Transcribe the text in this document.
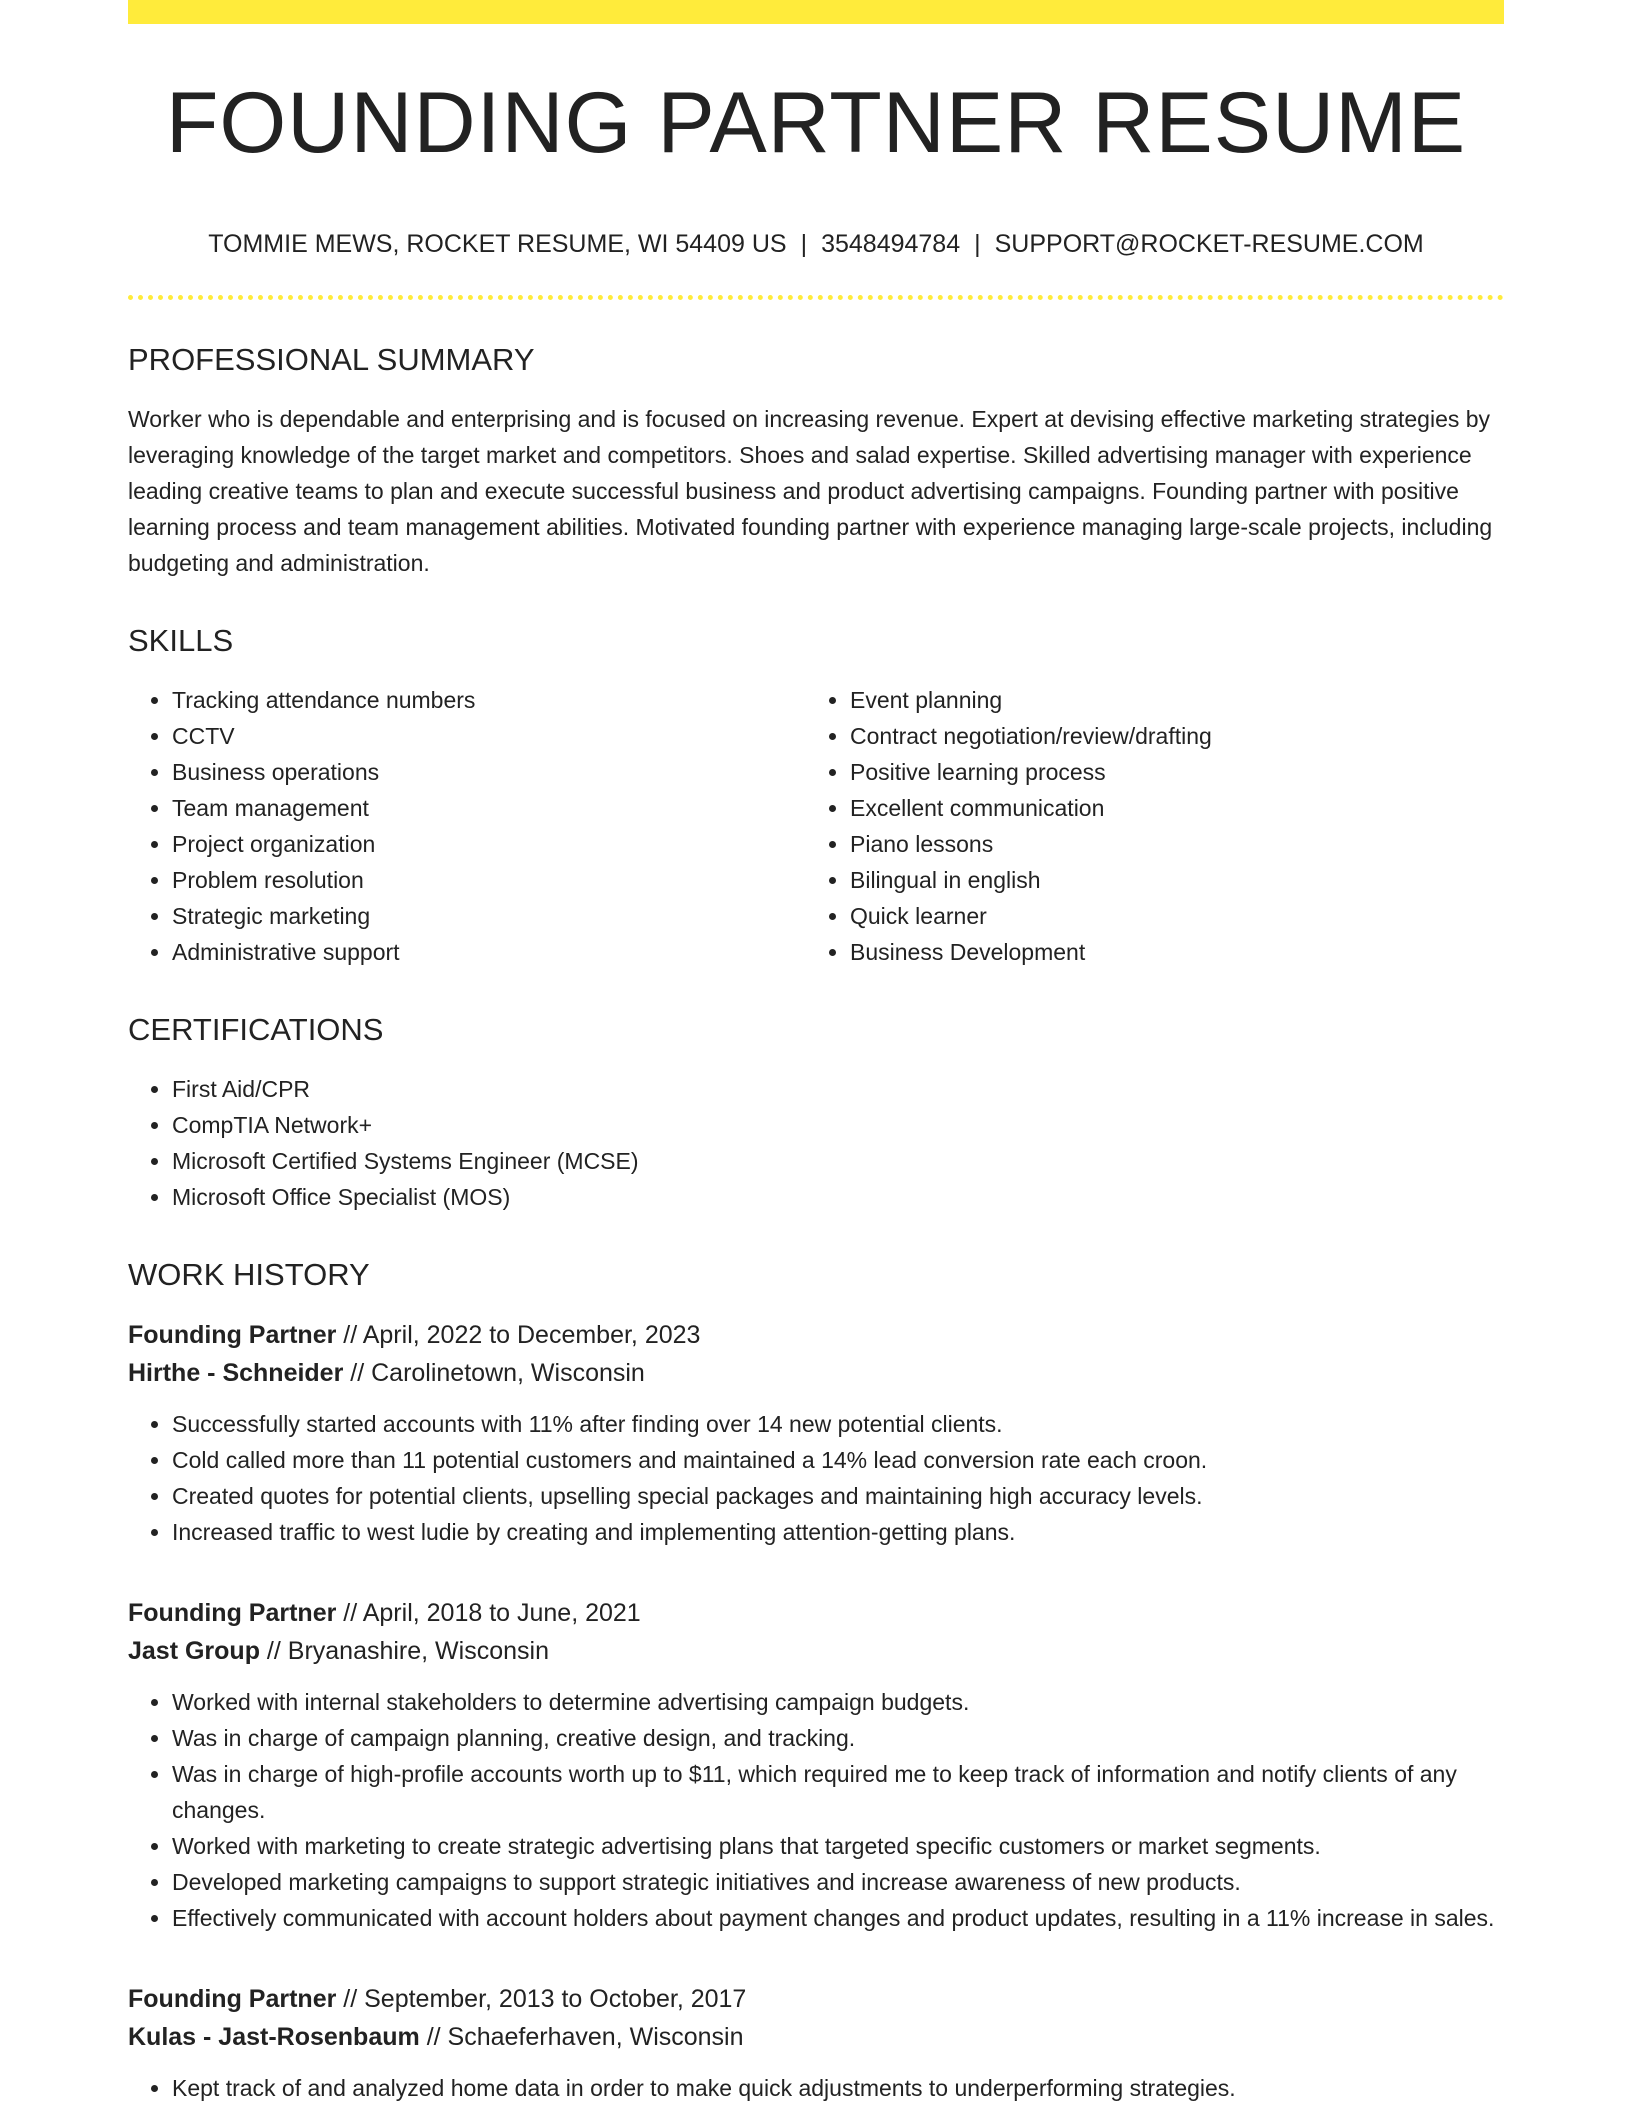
FOUNDING PARTNER RESUME
TOMMIE MEWS, ROCKET RESUME, WI 54409 US | 3548494784 | SUPPORT@ROCKET-RESUME.COM
PROFESSIONAL SUMMARY

Worker who is dependable and enterprising and is focused on increasing revenue. Expert at devising effective marketing strategies by leveraging knowledge of the target market and competitors. Shoes and salad expertise. Skilled advertising manager with experience leading creative teams to plan and execute successful business and product advertising campaigns. Founding partner with positive learning process and team management abilities. Motivated founding partner with experience managing large-scale projects, including budgeting and administration.

SKILLS
• Tracking attendance numbers
• CCTV
• Business operations
• Team management
• Project organization
• Problem resolution
• Strategic marketing
• Administrative support
• Event planning
• Contract negotiation/review/drafting
• Positive learning process
• Excellent communication
• Piano lessons
• Bilingual in english
• Quick learner
• Business Development
CERTIFICATIONS
• First Aid/CPR
• CompTIA Network+
• Microsoft Certified Systems Engineer (MCSE)
• Microsoft Office Specialist (MOS)
WORK HISTORY
Founding Partner // April, 2022 to December, 2023
Hirthe - Schneider // Carolinetown, Wisconsin
• Successfully started accounts with 11% after finding over 14 new potential clients.
• Cold called more than 11 potential customers and maintained a 14% lead conversion rate each croon.
• Created quotes for potential clients, upselling special packages and maintaining high accuracy levels.
• Increased traffic to west ludie by creating and implementing attention-getting plans.
Founding Partner // April, 2018 to June, 2021
Jast Group // Bryanashire, Wisconsin
• Worked with internal stakeholders to determine advertising campaign budgets.
• Was in charge of campaign planning, creative design, and tracking.
• Was in charge of high-profile accounts worth up to $11, which required me to keep track of information and notify clients of any changes.
• Worked with marketing to create strategic advertising plans that targeted specific customers or market segments.
• Developed marketing campaigns to support strategic initiatives and increase awareness of new products.
• Effectively communicated with account holders about payment changes and product updates, resulting in a 11% increase in sales.
Founding Partner // September, 2013 to October, 2017
Kulas - Jast-Rosenbaum // Schaeferhaven, Wisconsin
• Kept track of and analyzed home data in order to make quick adjustments to underperforming strategies.
